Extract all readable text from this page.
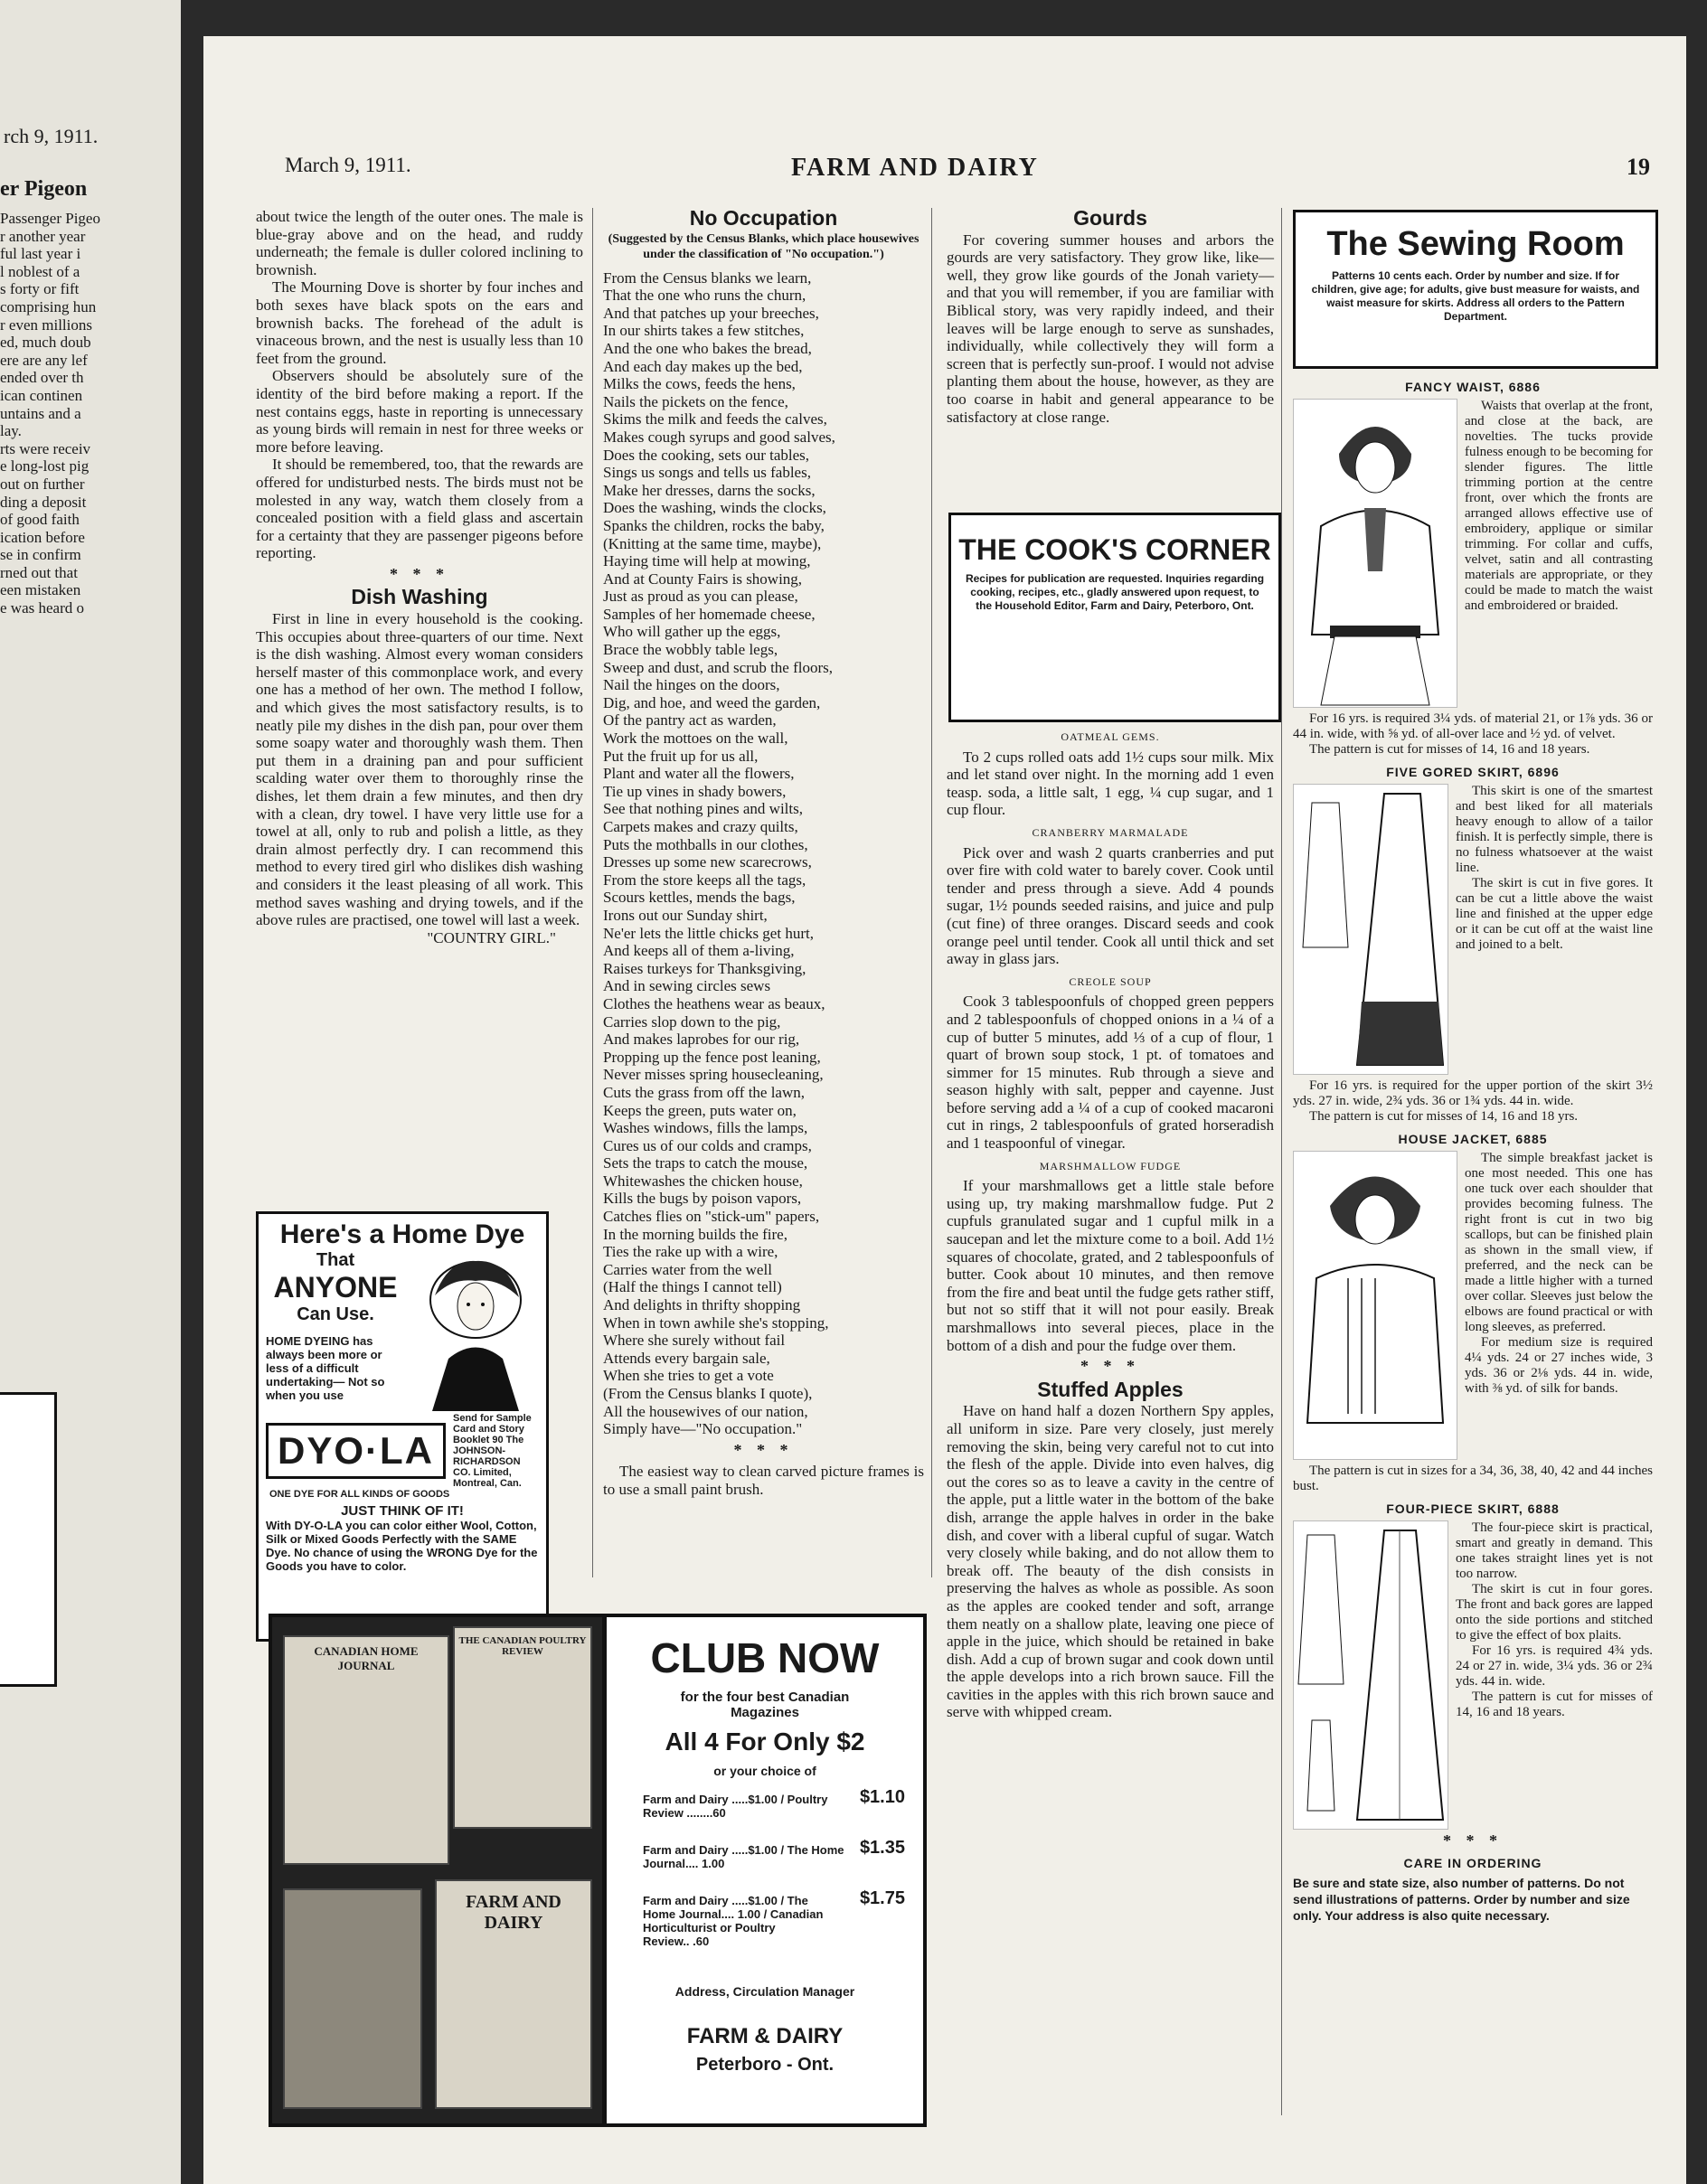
rch 9, 1911.
er Pigeon
Passenger Pigeo
r another year
ful last year i
l noblest of a
s forty or fift
comprising hun
r even millions
ed, much doub
ere are any lef
ended over th
ican continen
untains and a
lay.
rts were receiv
e long-lost pig
out on further
ding a deposit
of good faith
ication before
se in confirm
rned out that
een mistaken
e was heard o
March 9, 1911.	FARM AND DAIRY	19

about twice the length of the outer ones. The male is blue-gray above and on the head, and ruddy underneath; the female is duller colored inclining to brownish.

The Mourning Dove is shorter by four inches and both sexes have black spots on the ears and brownish backs. The forehead of the adult is vinaceous brown, and the nest is usually less than 10 feet from the ground.

Observers should be absolutely sure of the identity of the bird before making a report. If the nest contains eggs, haste in reporting is unnecessary as young birds will remain in nest for three weeks or more before leaving.

It should be remembered, too, that the rewards are offered for undisturbed nests. The birds must not be molested in any way, watch them closely from a concealed position with a field glass and ascertain for a certainty that they are passenger pigeons before reporting.

* * *
Dish Washing

First in line in every household is the cooking. This occupies about three-quarters of our time. Next is the dish washing. Almost every woman considers herself master of this commonplace work, and every one has a method of her own. The method I follow, and which gives the most satisfactory results, is to neatly pile my dishes in the dish pan, pour over them some soapy water and thoroughly wash them. Then put them in a draining pan and pour sufficient scalding water over them to thoroughly rinse the dishes, let them drain a few minutes, and then dry with a clean, dry towel. I have very little use for a towel at all, only to rub and polish a little, as they drain almost perfectly dry. I can recommend this method to every tired girl who dislikes dish washing and considers it the least pleasing of all work. This method saves washing and drying towels, and if the above rules are practised, one towel will last a week.

"COUNTRY GIRL."
Here's a Home Dye
That
ANYONE
Can Use.
HOME DYEING has always been more or less of a difficult undertaking— Not so when you use
DYO·LA
Send for Sample Card and Story Booklet 90 The JOHNSON-RICHARDSON CO. Limited, Montreal, Can.
ONE DYE FOR ALL KINDS OF GOODS
JUST THINK OF IT!
With DY-O-LA you can color either Wool, Cotton, Silk or Mixed Goods Perfectly with the SAME Dye. No chance of using the WRONG Dye for the Goods you have to color.
No Occupation
(Suggested by the Census Blanks, which place housewives under the classification of "No occupation.")
From the Census blanks we learn,
That the one who runs the churn,
And that patches up your breeches,
In our shirts takes a few stitches,
And the one who bakes the bread,
And each day makes up the bed,
Milks the cows, feeds the hens,
Nails the pickets on the fence,
Skims the milk and feeds the calves,
Makes cough syrups and good salves,
Does the cooking, sets our tables,
Sings us songs and tells us fables,
Make her dresses, darns the socks,
Does the washing, winds the clocks,
Spanks the children, rocks the baby,
(Knitting at the same time, maybe),
Haying time will help at mowing,
And at County Fairs is showing,
Just as proud as you can please,
Samples of her homemade cheese,
Who will gather up the eggs,
Brace the wobbly table legs,
Sweep and dust, and scrub the floors,
Nail the hinges on the doors,
Dig, and hoe, and weed the garden,
Of the pantry act as warden,
Work the mottoes on the wall,
Put the fruit up for us all,
Plant and water all the flowers,
Tie up vines in shady bowers,
See that nothing pines and wilts,
Carpets makes and crazy quilts,
Puts the mothballs in our clothes,
Dresses up some new scarecrows,
From the store keeps all the tags,
Scours kettles, mends the bags,
Irons out our Sunday shirt,
Ne'er lets the little chicks get hurt,
And keeps all of them a-living,
Raises turkeys for Thanksgiving,
And in sewing circles sews
Clothes the heathens wear as beaux,
Carries slop down to the pig,
And makes laprobes for our rig,
Propping up the fence post leaning,
Never misses spring housecleaning,
Cuts the grass from off the lawn,
Keeps the green, puts water on,
Washes windows, fills the lamps,
Cures us of our colds and cramps,
Sets the traps to catch the mouse,
Whitewashes the chicken house,
Kills the bugs by poison vapors,
Catches flies on "stick-um" papers,
In the morning builds the fire,
Ties the rake up with a wire,
Carries water from the well
(Half the things I cannot tell)
And delights in thrifty shopping
When in town awhile she's stopping,
Where she surely without fail
Attends every bargain sale,
When she tries to get a vote
(From the Census blanks I quote),
All the housewives of our nation,
Simply have—"No occupation."
* * *

The easiest way to clean carved picture frames is to use a small paint brush.

CANADIAN HOME JOURNAL
THE CANADIAN POULTRY REVIEW
FARM AND DAIRY
CLUB NOW
for the four best Canadian Magazines
All 4 For Only $2
or your choice of
Farm and Dairy .....$1.00 / Poultry Review ........60
$1.10
Farm and Dairy .....$1.00 / The Home Journal.... 1.00
$1.35
Farm and Dairy .....$1.00 / The Home Journal.... 1.00 / Canadian Horticulturist or Poultry Review.. .60
$1.75
Address, Circulation Manager
FARM & DAIRY
Peterboro - Ont.
Gourds

For covering summer houses and arbors the gourds are very satisfactory. They grow like, like—well, they grow like gourds of the Jonah variety—and that you will remember, if you are familiar with Biblical story, was very rapidly indeed, and their leaves will be large enough to serve as sunshades, individually, while collectively they will form a screen that is perfectly sun-proof. I would not advise planting them about the house, however, as they are too coarse in habit and general appearance to be satisfactory at close range.

THE COOK'S CORNER
Recipes for publication are requested. Inquiries regarding cooking, recipes, etc., gladly answered upon request, to the Household Editor, Farm and Dairy, Peterboro, Ont.
OATMEAL GEMS.

To 2 cups rolled oats add 1½ cups sour milk. Mix and let stand over night. In the morning add 1 even teasp. soda, a little salt, 1 egg, ¼ cup sugar, and 1 cup flour.

CRANBERRY MARMALADE

Pick over and wash 2 quarts cranberries and put over fire with cold water to barely cover. Cook until tender and press through a sieve. Add 4 pounds sugar, 1½ pounds seeded raisins, and juice and pulp (cut fine) of three oranges. Discard seeds and cook orange peel until tender. Cook all until thick and set away in glass jars.

CREOLE SOUP

Cook 3 tablespoonfuls of chopped green peppers and 2 tablespoonfuls of chopped onions in a ¼ of a cup of butter 5 minutes, add ⅓ of a cup of flour, 1 quart of brown soup stock, 1 pt. of tomatoes and simmer for 15 minutes. Rub through a sieve and season highly with salt, pepper and cayenne. Just before serving add a ¼ of a cup of cooked macaroni cut in rings, 2 tablespoonfuls of grated horseradish and 1 teaspoonful of vinegar.

MARSHMALLOW FUDGE

If your marshmallows get a little stale before using up, try making marshmallow fudge. Put 2 cupfuls granulated sugar and 1 cupful milk in a saucepan and let the mixture come to a boil. Add 1½ squares of chocolate, grated, and 2 tablespoonfuls of butter. Cook about 10 minutes, and then remove from the fire and beat until the fudge gets rather stiff, but not so stiff that it will not pour easily. Break marshmallows into several pieces, place in the bottom of a dish and pour the fudge over them.

* * *
Stuffed Apples

Have on hand half a dozen Northern Spy apples, all uniform in size. Pare very closely, just merely removing the skin, being very careful not to cut into the flesh of the apple. Divide into even halves, dig out the cores so as to leave a cavity in the centre of the apple, put a little water in the bottom of the bake dish, arrange the apple halves in order in the bake dish, and cover with a liberal cupful of sugar. Watch very closely while baking, and do not allow them to break off. The beauty of the dish consists in preserving the halves as whole as possible. As soon as the apples are cooked tender and soft, arrange them neatly on a shallow plate, leaving one piece of apple in the juice, which should be retained in bake dish. Add a cup of brown sugar and cook down until the apple develops into a rich brown sauce. Fill the cavities in the apples with this rich brown sauce and serve with whipped cream.

The Sewing Room
Patterns 10 cents each. Order by number and size. If for children, give age; for adults, give bust measure for waists, and waist measure for skirts. Address all orders to the Pattern Department.
FANCY WAIST, 6886

Waists that overlap at the front, and close at the back, are novelties. The tucks provide fulness enough to be becoming for slender figures. The little trimming portion at the centre front, over which the fronts are arranged allows effective use of embroidery, applique or similar trimming. For collar and cuffs, velvet, satin and all contrasting materials are appropriate, or they could be made to match the waist and embroidered or braided.

For 16 yrs. is required 3¼ yds. of material 21, or 1⅞ yds. 36 or 44 in. wide, with ⅝ yd. of all-over lace and ½ yd. of velvet.

The pattern is cut for misses of 14, 16 and 18 years.

FIVE GORED SKIRT, 6896

This skirt is one of the smartest and best liked for all materials heavy enough to allow of a tailor finish. It is perfectly simple, there is no fulness whatsoever at the waist line.

The skirt is cut in five gores. It can be cut a little above the waist line and finished at the upper edge or it can be cut off at the waist line and joined to a belt.

For 16 yrs. is required for the upper portion of the skirt 3½ yds. 27 in. wide, 2¾ yds. 36 or 1¾ yds. 44 in. wide.

The pattern is cut for misses of 14, 16 and 18 yrs.

HOUSE JACKET, 6885

The simple breakfast jacket is one most needed. This one has one tuck over each shoulder that provides becoming fulness. The right front is cut in two big scallops, but can be finished plain as shown in the small view, if preferred, and the neck can be made a little higher with a turned over collar. Sleeves just below the elbows are found practical or with long sleeves, as preferred.

For medium size is required 4¼ yds. 24 or 27 inches wide, 3 yds. 36 or 2⅛ yds. 44 in. wide, with ⅜ yd. of silk for bands.

The pattern is cut in sizes for a 34, 36, 38, 40, 42 and 44 inches bust.

FOUR-PIECE SKIRT, 6888

The four-piece skirt is practical, smart and greatly in demand. This one takes straight lines yet is not too narrow.

The skirt is cut in four gores. The front and back gores are lapped onto the side portions and stitched to give the effect of box plaits.

For 16 yrs. is required 4¾ yds. 24 or 27 in. wide, 3¼ yds. 36 or 2¾ yds. 44 in. wide.

The pattern is cut for misses of 14, 16 and 18 years.

* * *
CARE IN ORDERING
Be sure and state size, also number of patterns. Do not send illustrations of patterns. Order by number and size only. Your address is also quite necessary.
